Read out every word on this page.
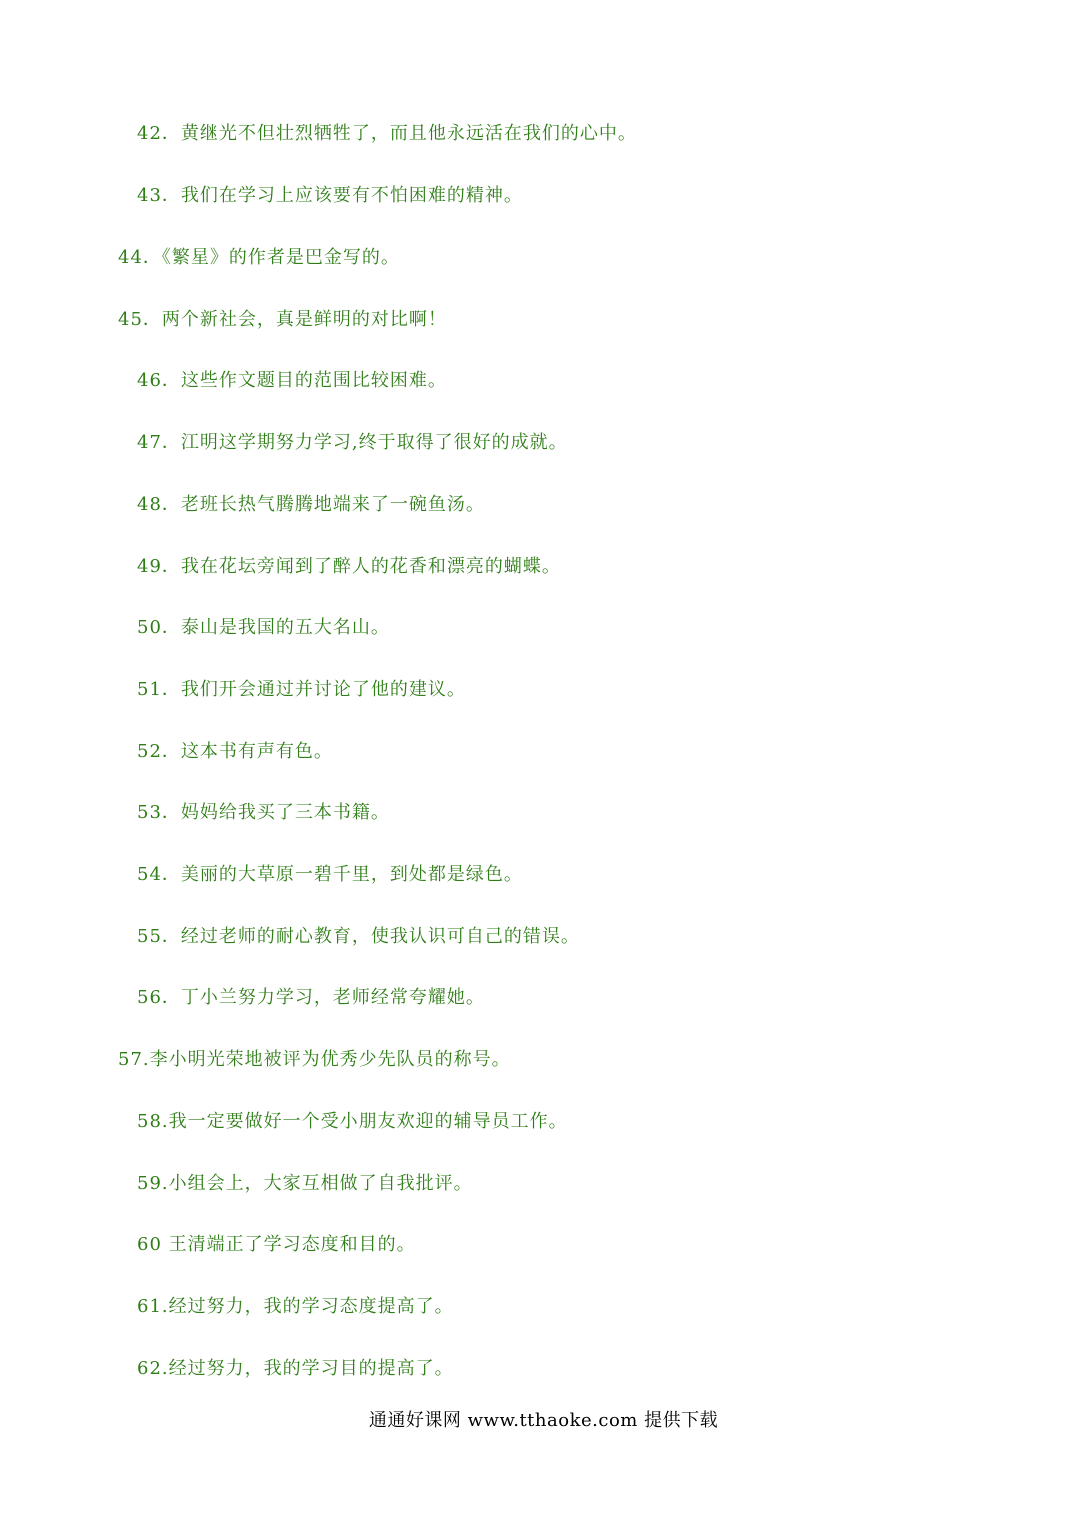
42．黄继光不但壮烈牺牲了，而且他永远活在我们的心中。
43．我们在学习上应该要有不怕困难的精神。
44．《繁星》的作者是巴金写的。
45．两个新社会，真是鲜明的对比啊！
46．这些作文题目的范围比较困难。
47．江明这学期努力学习,终于取得了很好的成就。
48．老班长热气腾腾地端来了一碗鱼汤。
49．我在花坛旁闻到了醉人的花香和漂亮的蝴蝶。
50．泰山是我国的五大名山。
51．我们开会通过并讨论了他的建议。
52．这本书有声有色。
53．妈妈给我买了三本书籍。
54．美丽的大草原一碧千里，到处都是绿色。
55．经过老师的耐心教育，使我认识可自己的错误。
56．丁小兰努力学习，老师经常夸耀她。
57.李小明光荣地被评为优秀少先队员的称号。
58.我一定要做好一个受小朋友欢迎的辅导员工作。
59.小组会上，大家互相做了自我批评。
60 王清端正了学习态度和目的。
61.经过努力，我的学习态度提高了。
62.经过努力，我的学习目的提高了。
通通好课网 www.tthaoke.com 提供下载
